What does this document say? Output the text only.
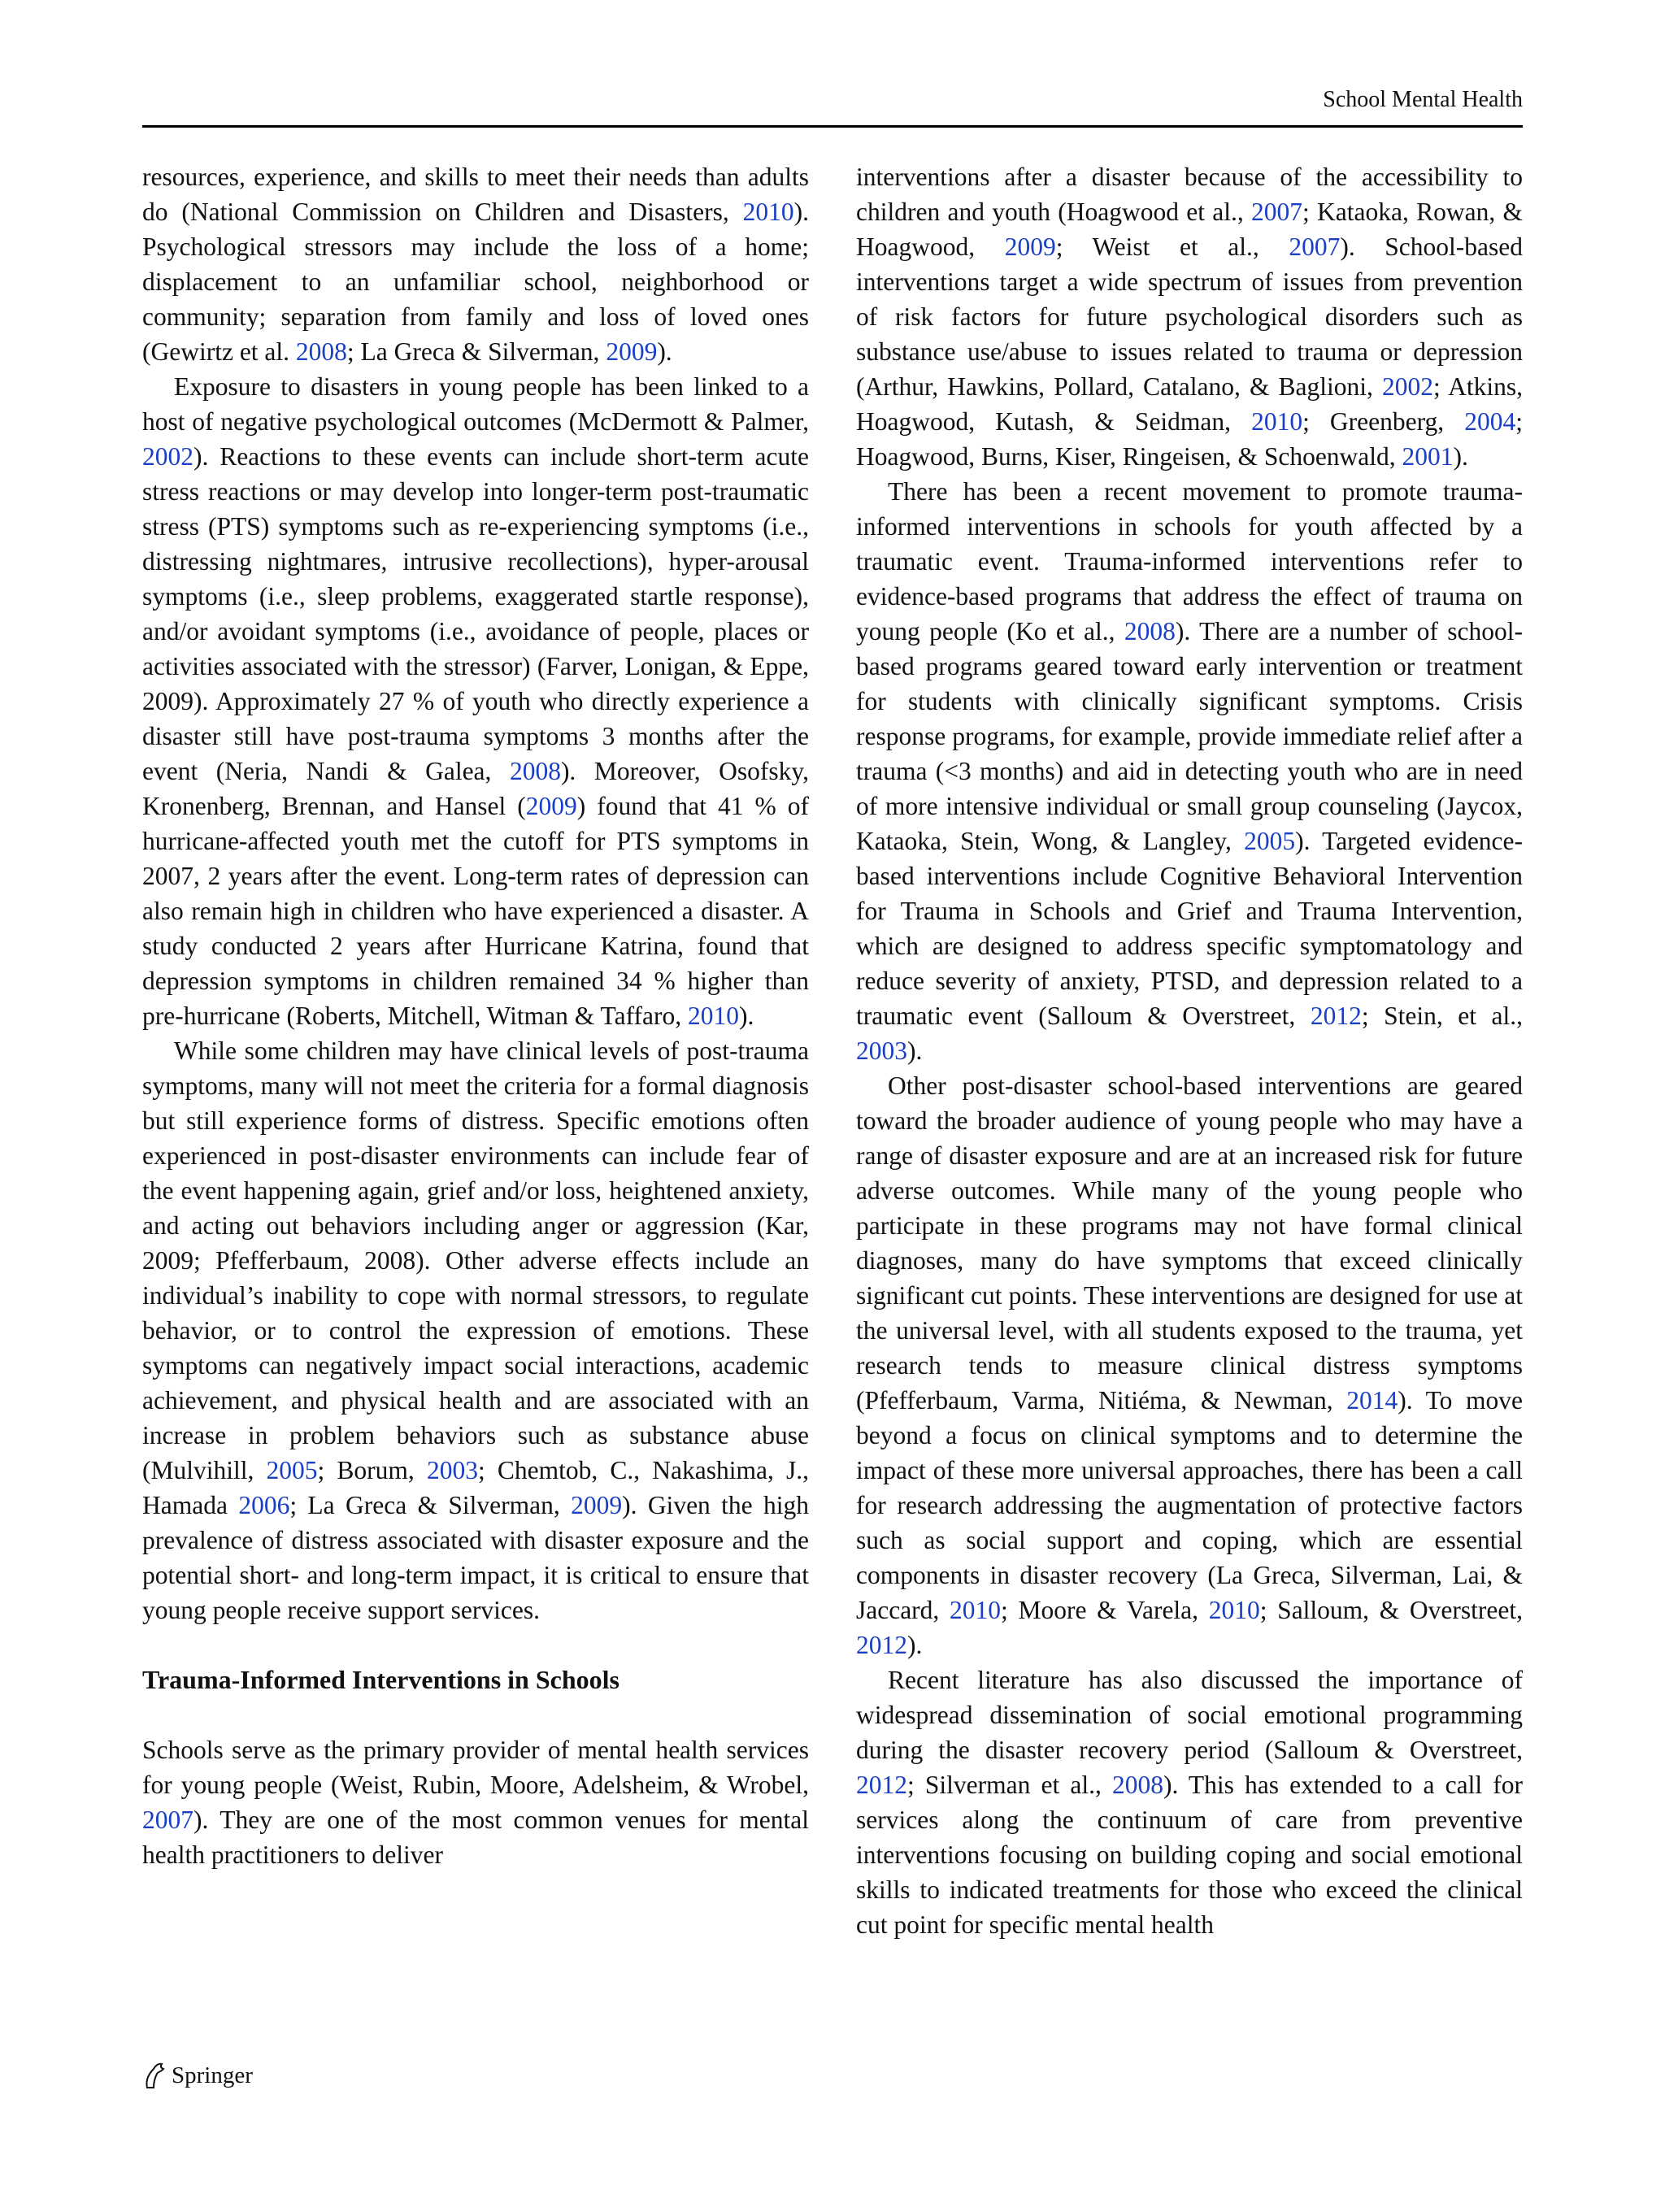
School Mental Health

resources, experience, and skills to meet their needs than adults do (National Commission on Children and Disasters, 2010). Psychological stressors may include the loss of a home; displacement to an unfamiliar school, neighborhood or community; separation from family and loss of loved ones (Gewirtz et al. 2008; La Greca & Silverman, 2009).

Exposure to disasters in young people has been linked to a host of negative psychological outcomes (McDermott & Palmer, 2002). Reactions to these events can include short-term acute stress reactions or may develop into longer-term post-traumatic stress (PTS) symptoms such as re-experiencing symptoms (i.e., distressing nightmares, intrusive recollections), hyper-arousal symptoms (i.e., sleep problems, exaggerated startle response), and/or avoidant symptoms (i.e., avoidance of people, places or activities associated with the stressor) (Farver, Lonigan, & Eppe, 2009). Approximately 27 % of youth who directly experience a disaster still have post-trauma symptoms 3 months after the event (Neria, Nandi & Galea, 2008). Moreover, Osofsky, Kronenberg, Brennan, and Hansel (2009) found that 41 % of hurricane-affected youth met the cutoff for PTS symptoms in 2007, 2 years after the event. Long-term rates of depression can also remain high in children who have experienced a disaster. A study conducted 2 years after Hurricane Katrina, found that depression symptoms in children remained 34 % higher than pre-hurricane (Roberts, Mitchell, Witman & Taffaro, 2010).

While some children may have clinical levels of post-trauma symptoms, many will not meet the criteria for a formal diagnosis but still experience forms of distress. Specific emotions often experienced in post-disaster environments can include fear of the event happening again, grief and/or loss, heightened anxiety, and acting out behaviors including anger or aggression (Kar, 2009; Pfefferbaum, 2008). Other adverse effects include an individual’s inability to cope with normal stressors, to regulate behavior, or to control the expression of emotions. These symptoms can negatively impact social interactions, academic achievement, and physical health and are associated with an increase in problem behaviors such as substance abuse (Mulvihill, 2005; Borum, 2003; Chemtob, C., Nakashima, J., Hamada 2006; La Greca & Silverman, 2009). Given the high prevalence of distress associated with disaster exposure and the potential short- and long-term impact, it is critical to ensure that young people receive support services.

Trauma-Informed Interventions in Schools

Schools serve as the primary provider of mental health services for young people (Weist, Rubin, Moore, Adelsheim, & Wrobel, 2007). They are one of the most common venues for mental health practitioners to deliver

interventions after a disaster because of the accessibility to children and youth (Hoagwood et al., 2007; Kataoka, Rowan, & Hoagwood, 2009; Weist et al., 2007). School-based interventions target a wide spectrum of issues from prevention of risk factors for future psychological disorders such as substance use/abuse to issues related to trauma or depression (Arthur, Hawkins, Pollard, Catalano, & Baglioni, 2002; Atkins, Hoagwood, Kutash, & Seidman, 2010; Greenberg, 2004; Hoagwood, Burns, Kiser, Ringeisen, & Schoenwald, 2001).

There has been a recent movement to promote trauma-informed interventions in schools for youth affected by a traumatic event. Trauma-informed interventions refer to evidence-based programs that address the effect of trauma on young people (Ko et al., 2008). There are a number of school-based programs geared toward early intervention or treatment for students with clinically significant symptoms. Crisis response programs, for example, provide immediate relief after a trauma (<3 months) and aid in detecting youth who are in need of more intensive individual or small group counseling (Jaycox, Kataoka, Stein, Wong, & Langley, 2005). Targeted evidence-based interventions include Cognitive Behavioral Intervention for Trauma in Schools and Grief and Trauma Intervention, which are designed to address specific symptomatology and reduce severity of anxiety, PTSD, and depression related to a traumatic event (Salloum & Overstreet, 2012; Stein, et al., 2003).

Other post-disaster school-based interventions are geared toward the broader audience of young people who may have a range of disaster exposure and are at an increased risk for future adverse outcomes. While many of the young people who participate in these programs may not have formal clinical diagnoses, many do have symptoms that exceed clinically significant cut points. These interventions are designed for use at the universal level, with all students exposed to the trauma, yet research tends to measure clinical distress symptoms (Pfefferbaum, Varma, Nitiéma, & Newman, 2014). To move beyond a focus on clinical symptoms and to determine the impact of these more universal approaches, there has been a call for research addressing the augmentation of protective factors such as social support and coping, which are essential components in disaster recovery (La Greca, Silverman, Lai, & Jaccard, 2010; Moore & Varela, 2010; Salloum, & Overstreet, 2012).

Recent literature has also discussed the importance of widespread dissemination of social emotional programming during the disaster recovery period (Salloum & Overstreet, 2012; Silverman et al., 2008). This has extended to a call for services along the continuum of care from preventive interventions focusing on building coping and social emotional skills to indicated treatments for those who exceed the clinical cut point for specific mental health

Springer
